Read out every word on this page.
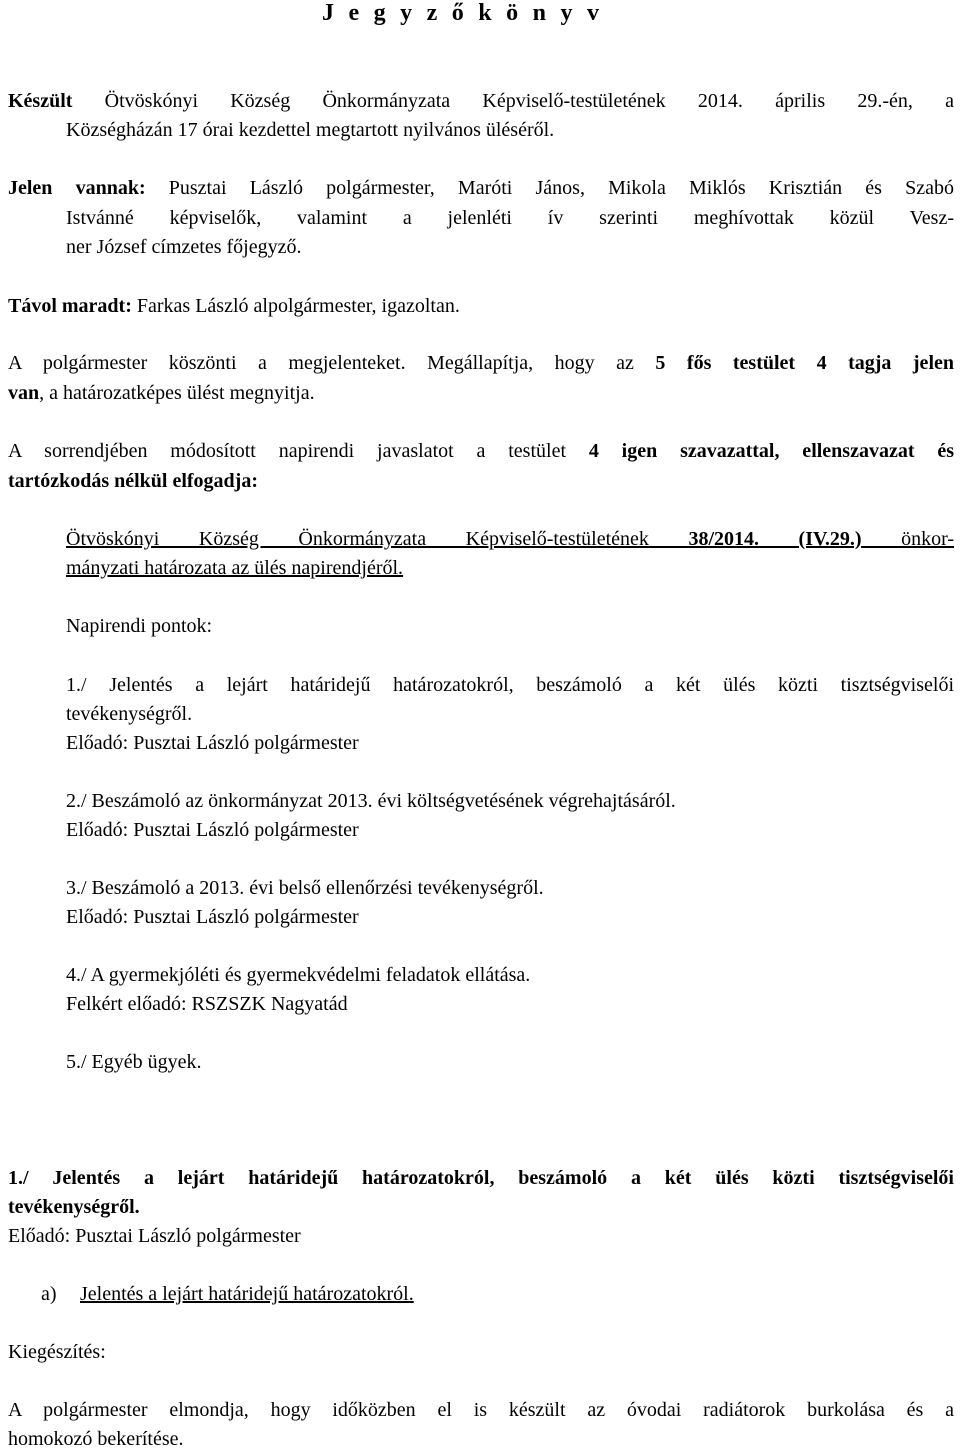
Jegyzőkönyv
Készült Ötvöskónyi Község Önkormányzata Képviselő-testületének 2014. április 29.-én, a
Községházán 17 órai kezdettel megtartott nyilvános üléséről.
Jelen vannak: Pusztai László polgármester, Maróti János, Mikola Miklós Krisztián és Szabó
Istvánné képviselők, valamint a jelenléti ív szerinti meghívottak közül Vesz-
ner József címzetes főjegyző.
Távol maradt: Farkas László alpolgármester, igazoltan.
A polgármester köszönti a megjelenteket. Megállapítja, hogy az 5 fős testület 4 tagja jelen
van, a határozatképes ülést megnyitja.
A sorrendjében módosított napirendi javaslatot a testület 4 igen szavazattal, ellenszavazat és
tartózkodás nélkül elfogadja:
Ötvöskónyi Község Önkormányzata Képviselő-testületének 38/2014. (IV.29.) önkor-
mányzati határozata az ülés napirendjéről.
Napirendi pontok:
1./ Jelentés a lejárt határidejű határozatokról, beszámoló a két ülés közti tisztségviselői
tevékenységről.
Előadó: Pusztai László polgármester
2./ Beszámoló az önkormányzat 2013. évi költségvetésének végrehajtásáról.
Előadó: Pusztai László polgármester
3./ Beszámoló a 2013. évi belső ellenőrzési tevékenységről.
Előadó: Pusztai László polgármester
4./ A gyermekjóléti és gyermekvédelmi feladatok ellátása.
Felkért előadó: RSZSZK Nagyatád
5./ Egyéb ügyek.
1./ Jelentés a lejárt határidejű határozatokról, beszámoló a két ülés közti tisztségviselői
tevékenységről.
Előadó: Pusztai László polgármester
a) Jelentés a lejárt határidejű határozatokról.
Kiegészítés:
A polgármester elmondja, hogy időközben el is készült az óvodai radiátorok burkolása és a
homokozó bekerítése.
